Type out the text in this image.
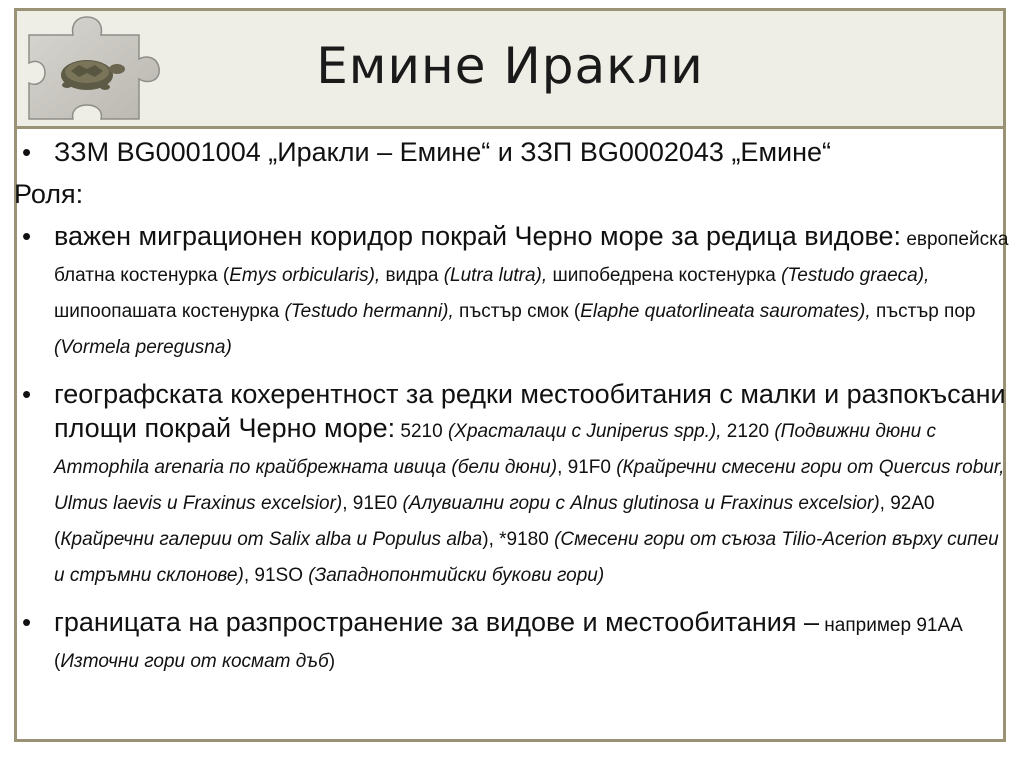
Емине Иракли

• ЗЗМ BG0001004 „Иракли – Емине“ и ЗЗП BG0002043 „Емине“

Роля:

• важен миграционен коридор покрай Черно море за редица видове: европейска блатна костенурка (Emys orbicularis), видра (Lutra lutra), шипобедрена костенурка (Testudo graeca), шипоопашата костенурка (Testudo hermanni), пъстър смок (Elaphe quatorlineata sauromates), пъстър пор (Vormela peregusna)

• географската кохерентност за редки местообитания с малки и разпокъсани площи покрай Черно море: 5210 (Храсталаци с Juniperus spp.), 2120 (Подвижни дюни с Ammophila arenaria по крайбрежната ивица (бели дюни), 91F0 (Крайречни смесени гори от Quercus robur, Ulmus laevis и Fraxinus excelsior), 91E0 (Алувиални гори с Alnus glutinosa и Fraxinus excelsior), 92A0 (Крайречни галерии от Salix alba и Populus alba), *9180 (Смесени гори от съюза Tilio-Acerion върху сипеи и стръмни склонове), 91SO (Западнопонтийски букови гори)

• границата на разпространение за видове и местообитания – например 91AA (Източни гори от космат дъб)
